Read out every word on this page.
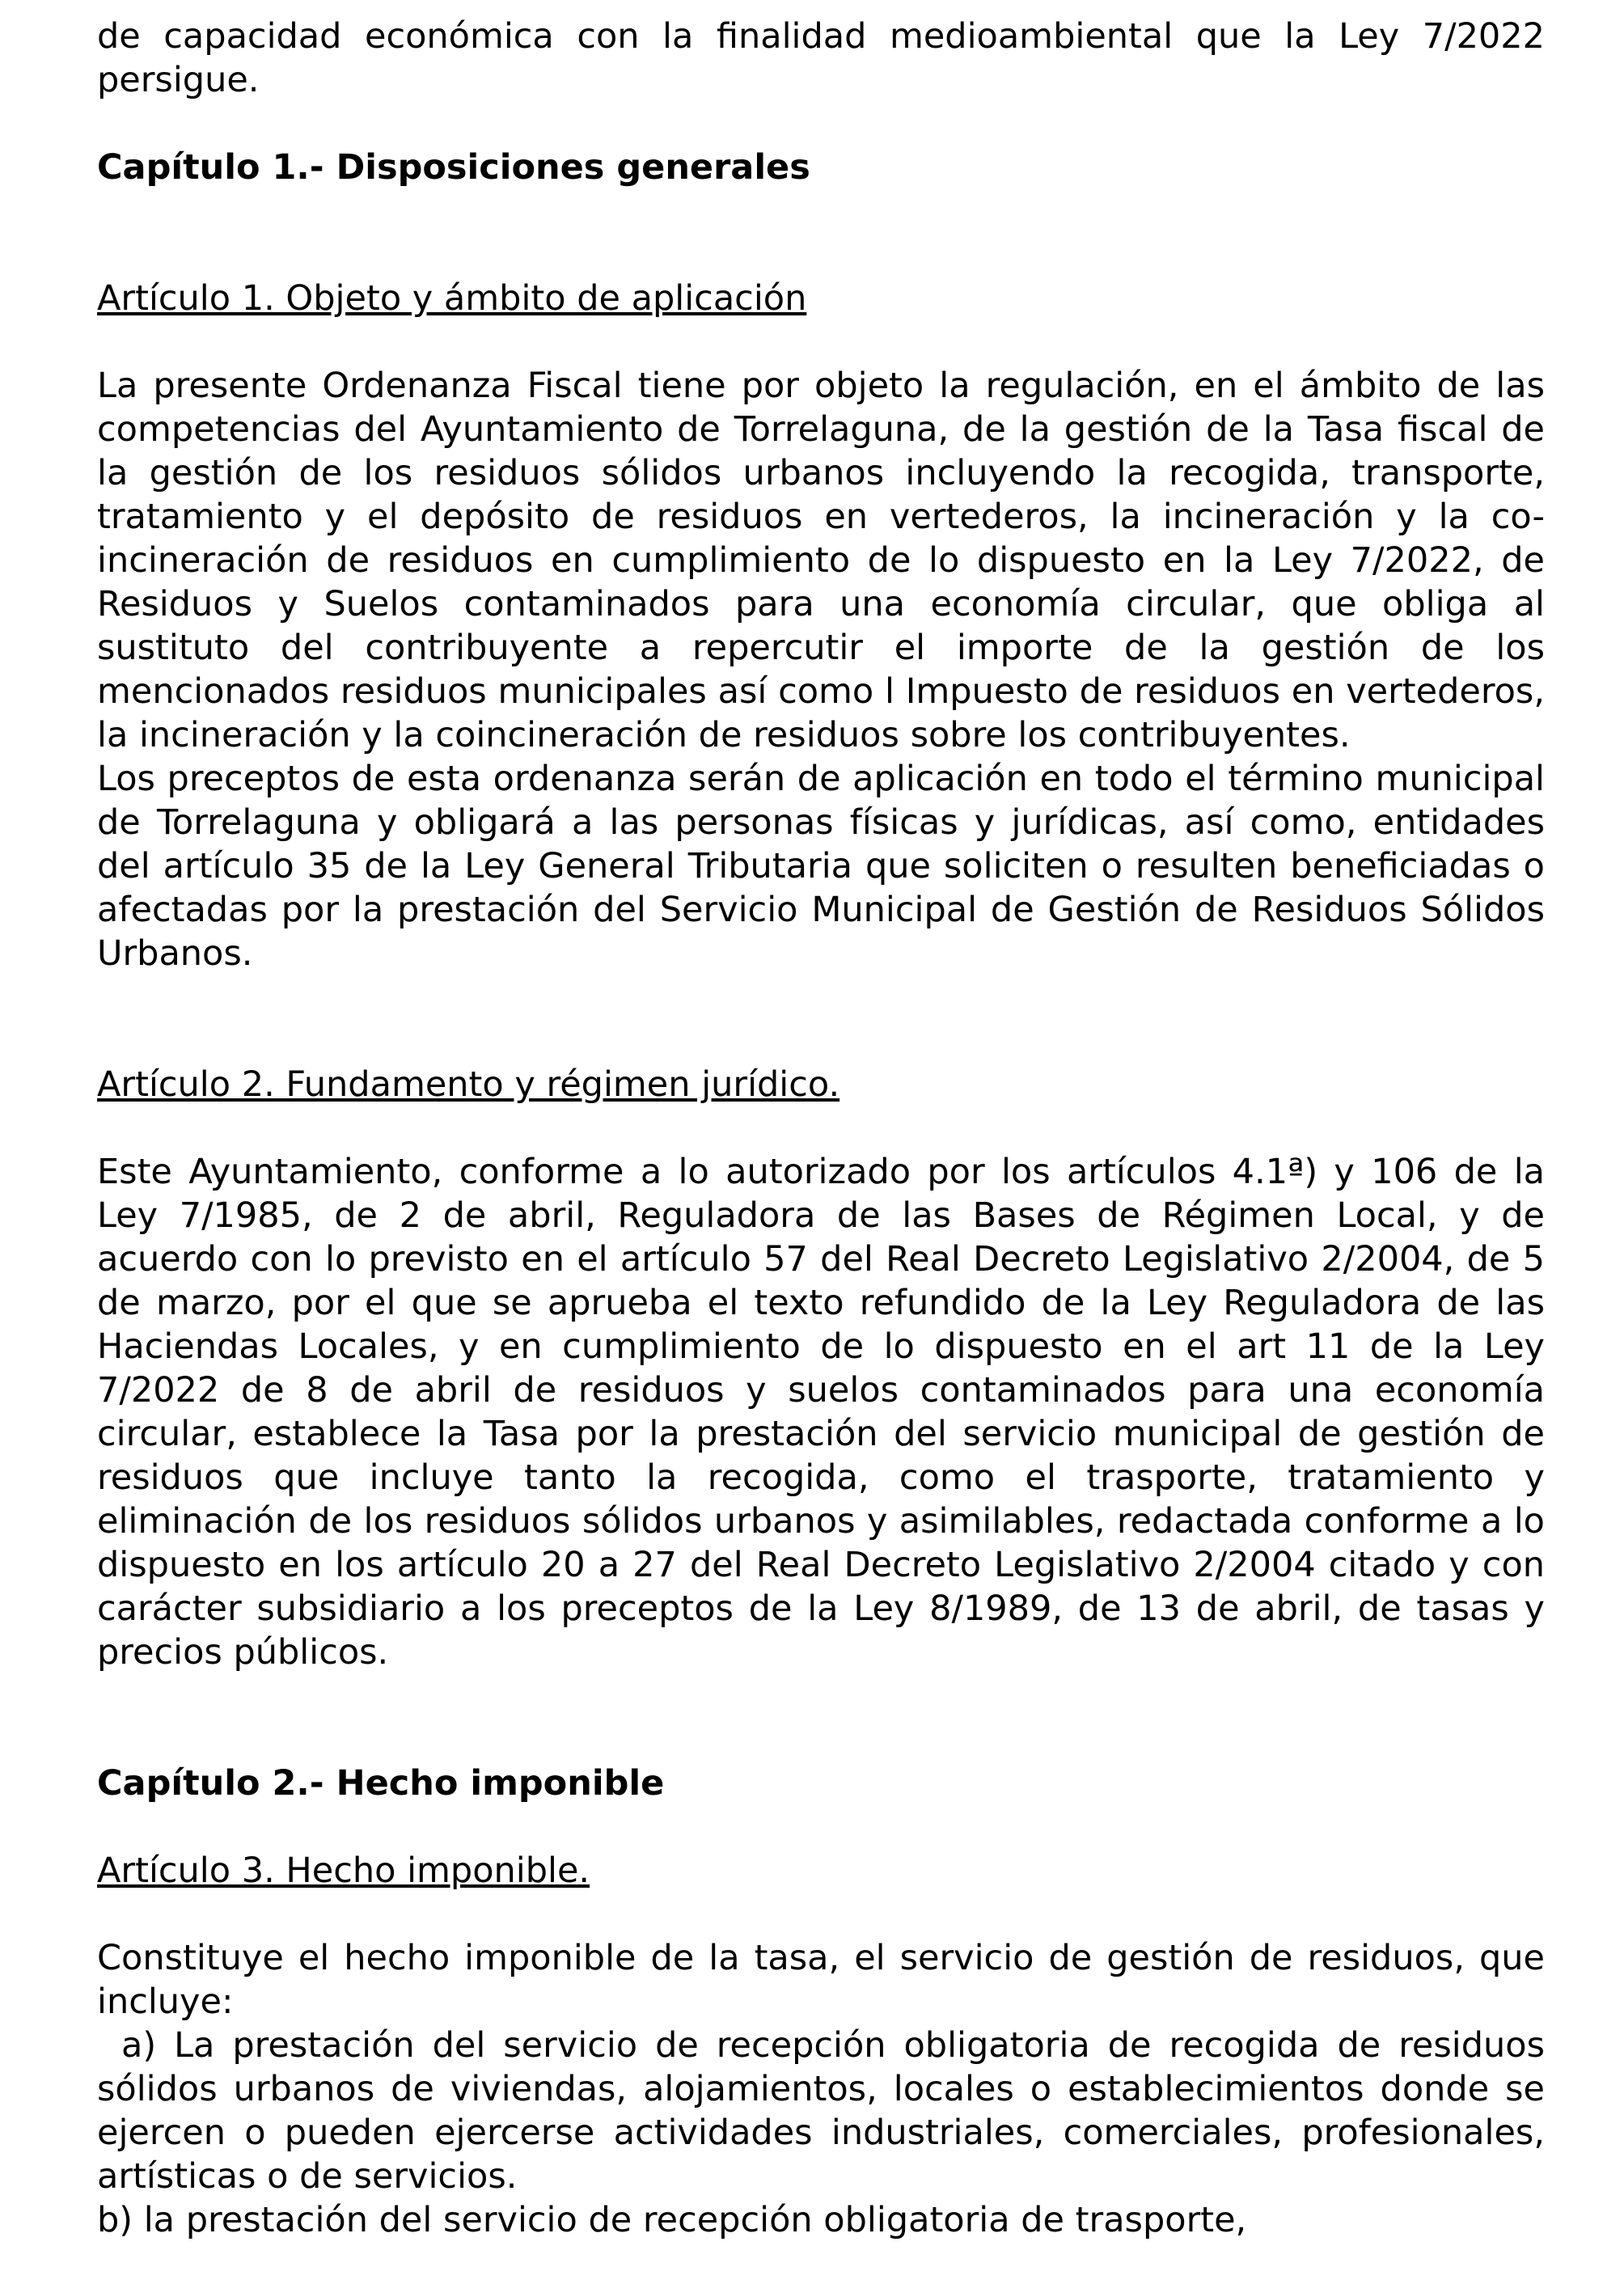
de capacidad económica con la finalidad medioambiental que la Ley 7/2022 persigue.

Capítulo 1.- Disposiciones generales

Artículo 1. Objeto y ámbito de aplicación

La presente Ordenanza Fiscal tiene por objeto la regulación, en el ámbito de las competencias del Ayuntamiento de Torrelaguna, de la gestión de la Tasa fiscal de la gestión de los residuos sólidos urbanos incluyendo la recogida, transporte, tratamiento y el depósito de residuos en vertederos, la incineración y la co-incineración de residuos en cumplimiento de lo dispuesto en la Ley 7/2022, de Residuos y Suelos contaminados para una economía circular, que obliga al sustituto del contribuyente a repercutir el importe de la gestión de los mencionados residuos municipales así como l Impuesto de residuos en vertederos, la incineración y la coincineración de residuos sobre los contribuyentes.

Los preceptos de esta ordenanza serán de aplicación en todo el término municipal de Torrelaguna y obligará a las personas físicas y jurídicas, así como, entidades del artículo 35 de la Ley General Tributaria que soliciten o resulten beneficiadas o afectadas por la prestación del Servicio Municipal de Gestión de Residuos Sólidos Urbanos.

Artículo 2. Fundamento y régimen jurídico.

Este Ayuntamiento, conforme a lo autorizado por los artículos 4.1ª) y 106 de la Ley 7/1985, de 2 de abril, Reguladora de las Bases de Régimen Local, y de acuerdo con lo previsto en el artículo 57 del Real Decreto Legislativo 2/2004, de 5 de marzo, por el que se aprueba el texto refundido de la Ley Reguladora de las Haciendas Locales, y en cumplimiento de lo dispuesto en el art 11 de la Ley 7/2022 de 8 de abril de residuos y suelos contaminados para una economía circular, establece la Tasa por la prestación del servicio municipal de gestión de residuos que incluye tanto la recogida, como el trasporte, tratamiento y eliminación de los residuos sólidos urbanos y asimilables, redactada conforme a lo dispuesto en los artículo 20 a 27 del Real Decreto Legislativo 2/2004 citado y con carácter subsidiario a los preceptos de la Ley 8/1989, de 13 de abril, de tasas y precios públicos.

Capítulo 2.- Hecho imponible

Artículo 3. Hecho imponible.

Constituye el hecho imponible de la tasa, el servicio de gestión de residuos, que incluye:

a) La prestación del servicio de recepción obligatoria de recogida de residuos sólidos urbanos de viviendas, alojamientos, locales o establecimientos donde se ejercen o pueden ejercerse actividades industriales, comerciales, profesionales, artísticas o de servicios.

b) la prestación del servicio de recepción obligatoria de trasporte,
